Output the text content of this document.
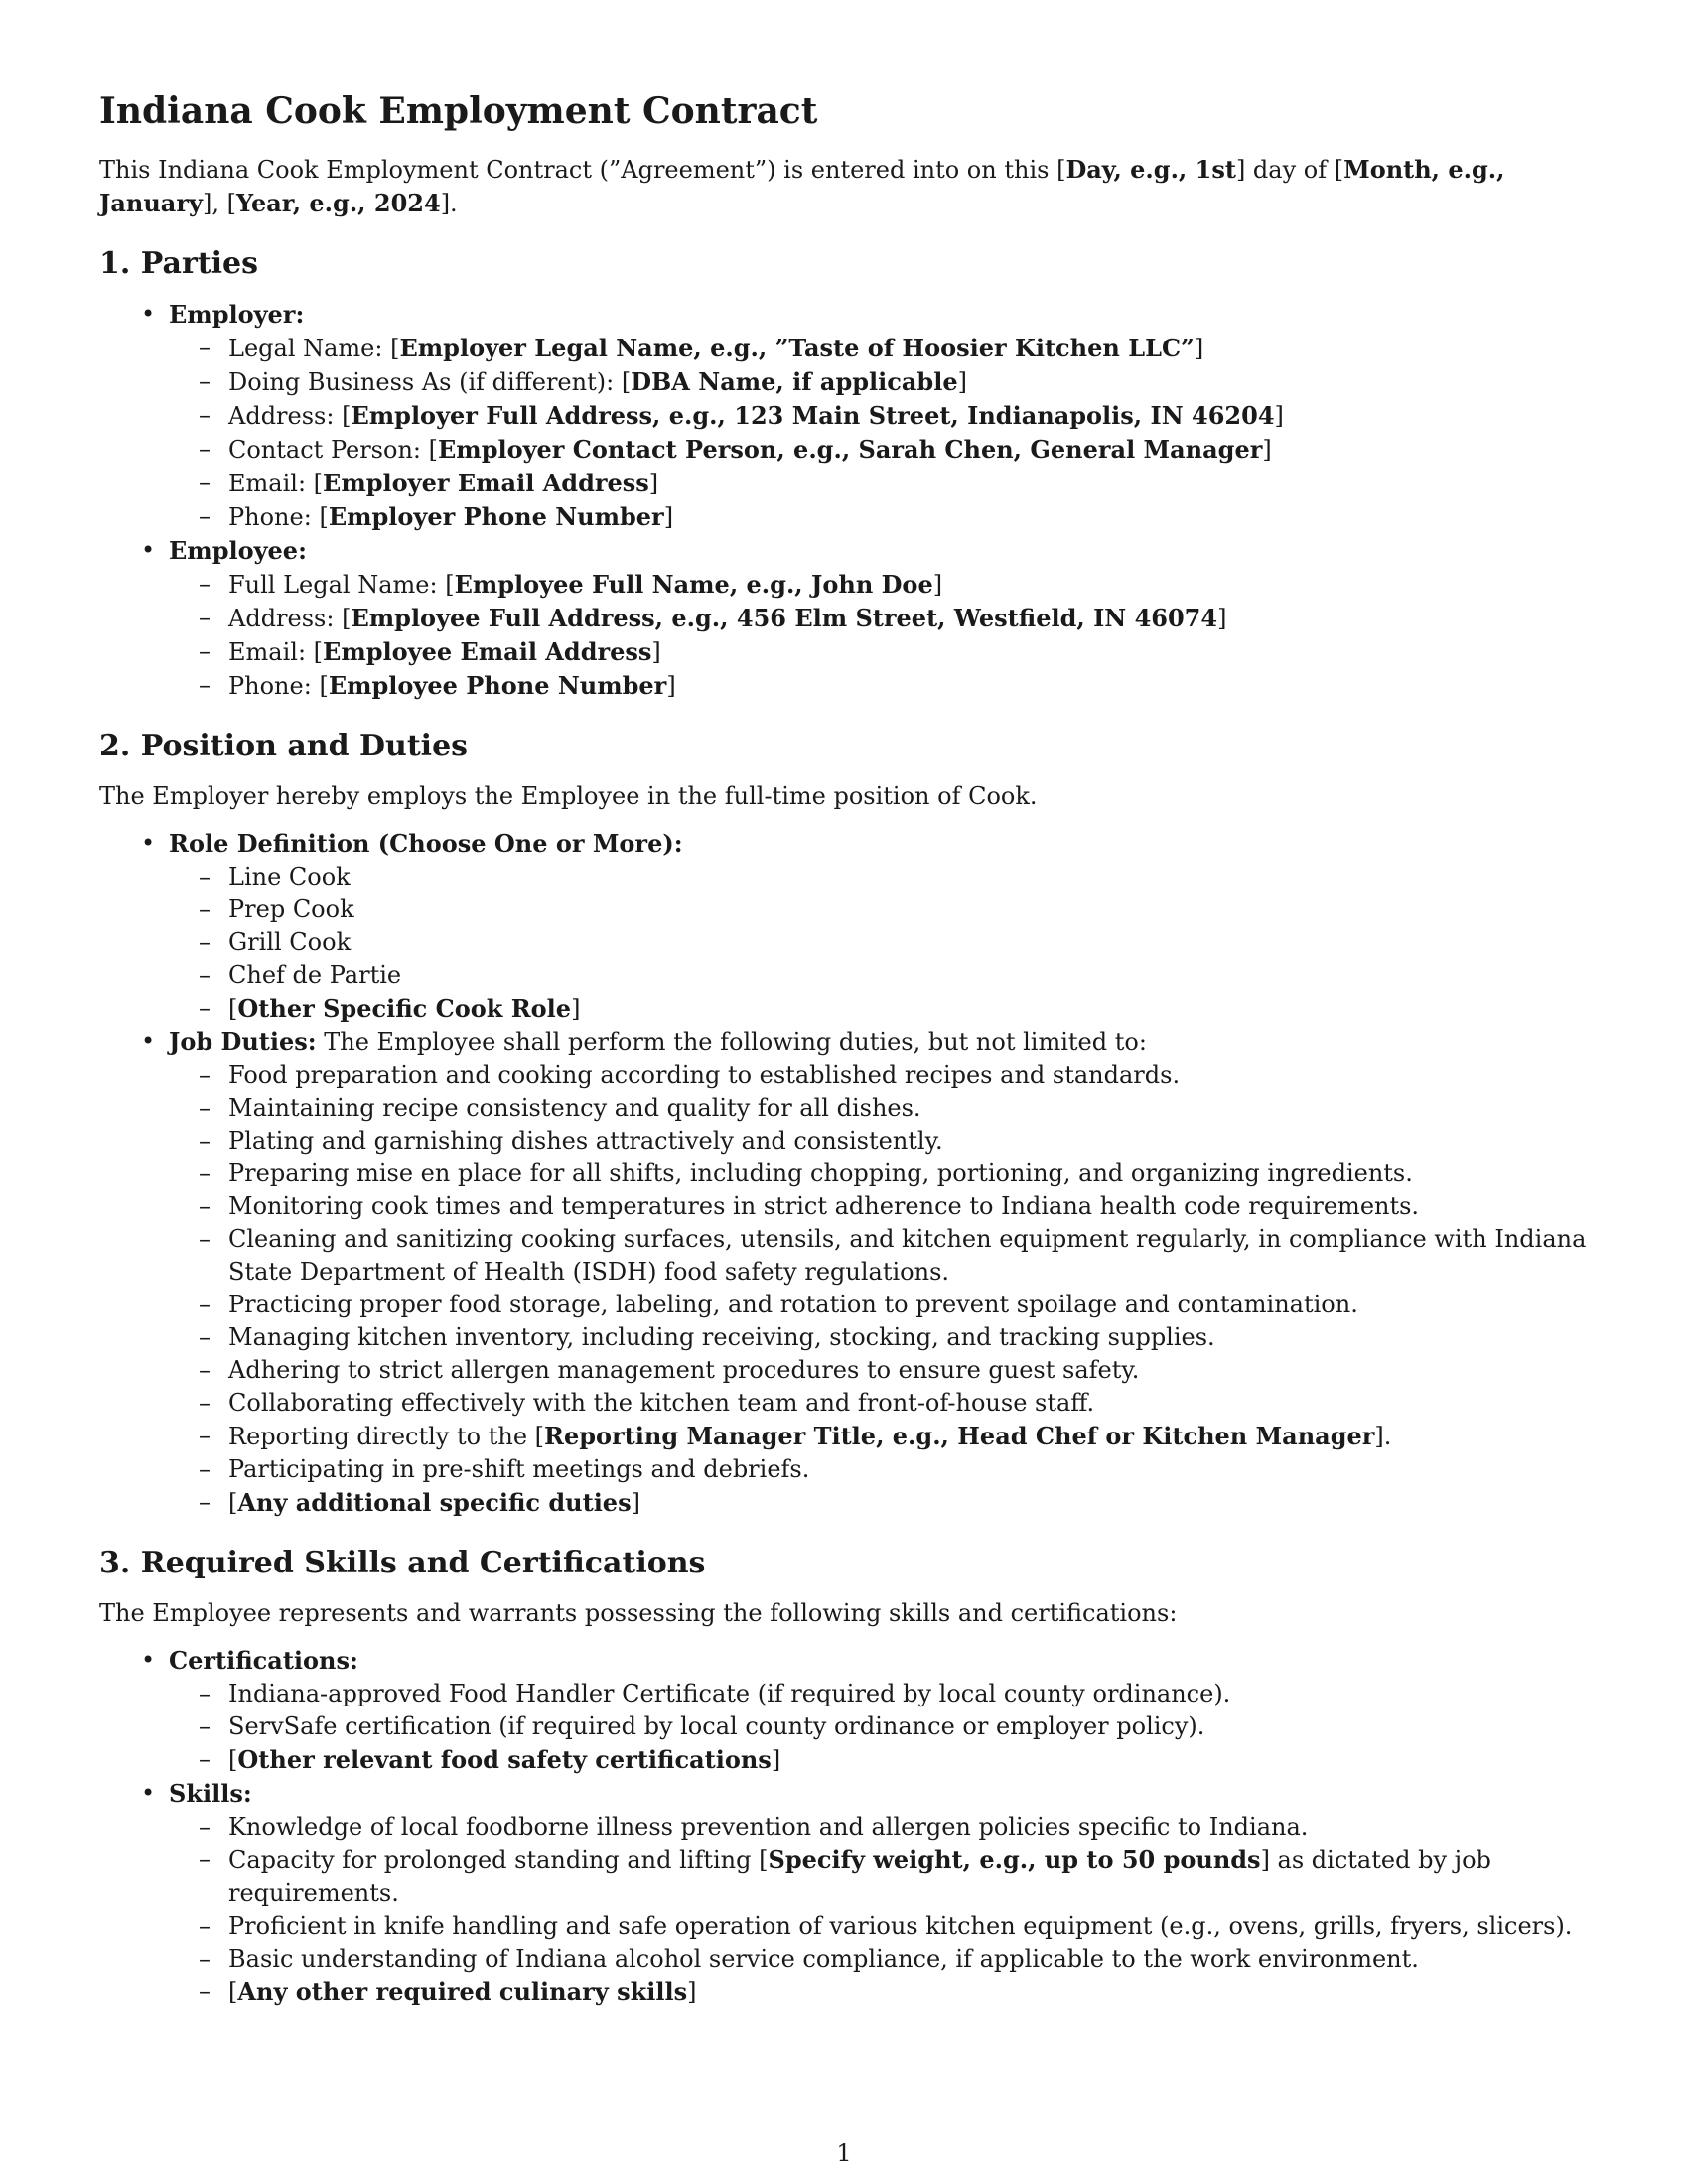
Indiana Cook Employment Contract

This Indiana Cook Employment Contract (”Agreement”) is entered into on this [Day, e.g., 1st] day of [Month, e.g., January], [Year, e.g., 2024].

1. Parties
• Employer:
– Legal Name: [Employer Legal Name, e.g., ”Taste of Hoosier Kitchen LLC”]
– Doing Business As (if different): [DBA Name, if applicable]
– Address: [Employer Full Address, e.g., 123 Main Street, Indianapolis, IN 46204]
– Contact Person: [Employer Contact Person, e.g., Sarah Chen, General Manager]
– Email: [Employer Email Address]
– Phone: [Employer Phone Number]
• Employee:
– Full Legal Name: [Employee Full Name, e.g., John Doe]
– Address: [Employee Full Address, e.g., 456 Elm Street, Westfield, IN 46074]
– Email: [Employee Email Address]
– Phone: [Employee Phone Number]
2. Position and Duties

The Employer hereby employs the Employee in the full-time position of Cook.

• Role Definition (Choose One or More):
– Line Cook
– Prep Cook
– Grill Cook
– Chef de Partie
– [Other Specific Cook Role]
• Job Duties: The Employee shall perform the following duties, but not limited to:
– Food preparation and cooking according to established recipes and standards.
– Maintaining recipe consistency and quality for all dishes.
– Plating and garnishing dishes attractively and consistently.
– Preparing mise en place for all shifts, including chopping, portioning, and organizing ingredients.
– Monitoring cook times and temperatures in strict adherence to Indiana health code requirements.
– Cleaning and sanitizing cooking surfaces, utensils, and kitchen equipment regularly, in compliance with Indiana State Department of Health (ISDH) food safety regulations.
– Practicing proper food storage, labeling, and rotation to prevent spoilage and contamination.
– Managing kitchen inventory, including receiving, stocking, and tracking supplies.
– Adhering to strict allergen management procedures to ensure guest safety.
– Collaborating effectively with the kitchen team and front-of-house staff.
– Reporting directly to the [Reporting Manager Title, e.g., Head Chef or Kitchen Manager].
– Participating in pre-shift meetings and debriefs.
– [Any additional specific duties]
3. Required Skills and Certifications

The Employee represents and warrants possessing the following skills and certifications:

• Certifications:
– Indiana-approved Food Handler Certificate (if required by local county ordinance).
– ServSafe certification (if required by local county ordinance or employer policy).
– [Other relevant food safety certifications]
• Skills:
– Knowledge of local foodborne illness prevention and allergen policies specific to Indiana.
– Capacity for prolonged standing and lifting [Specify weight, e.g., up to 50 pounds] as dictated by job requirements.
– Proficient in knife handling and safe operation of various kitchen equipment (e.g., ovens, grills, fryers, slicers).
– Basic understanding of Indiana alcohol service compliance, if applicable to the work environment.
– [Any other required culinary skills]
1
